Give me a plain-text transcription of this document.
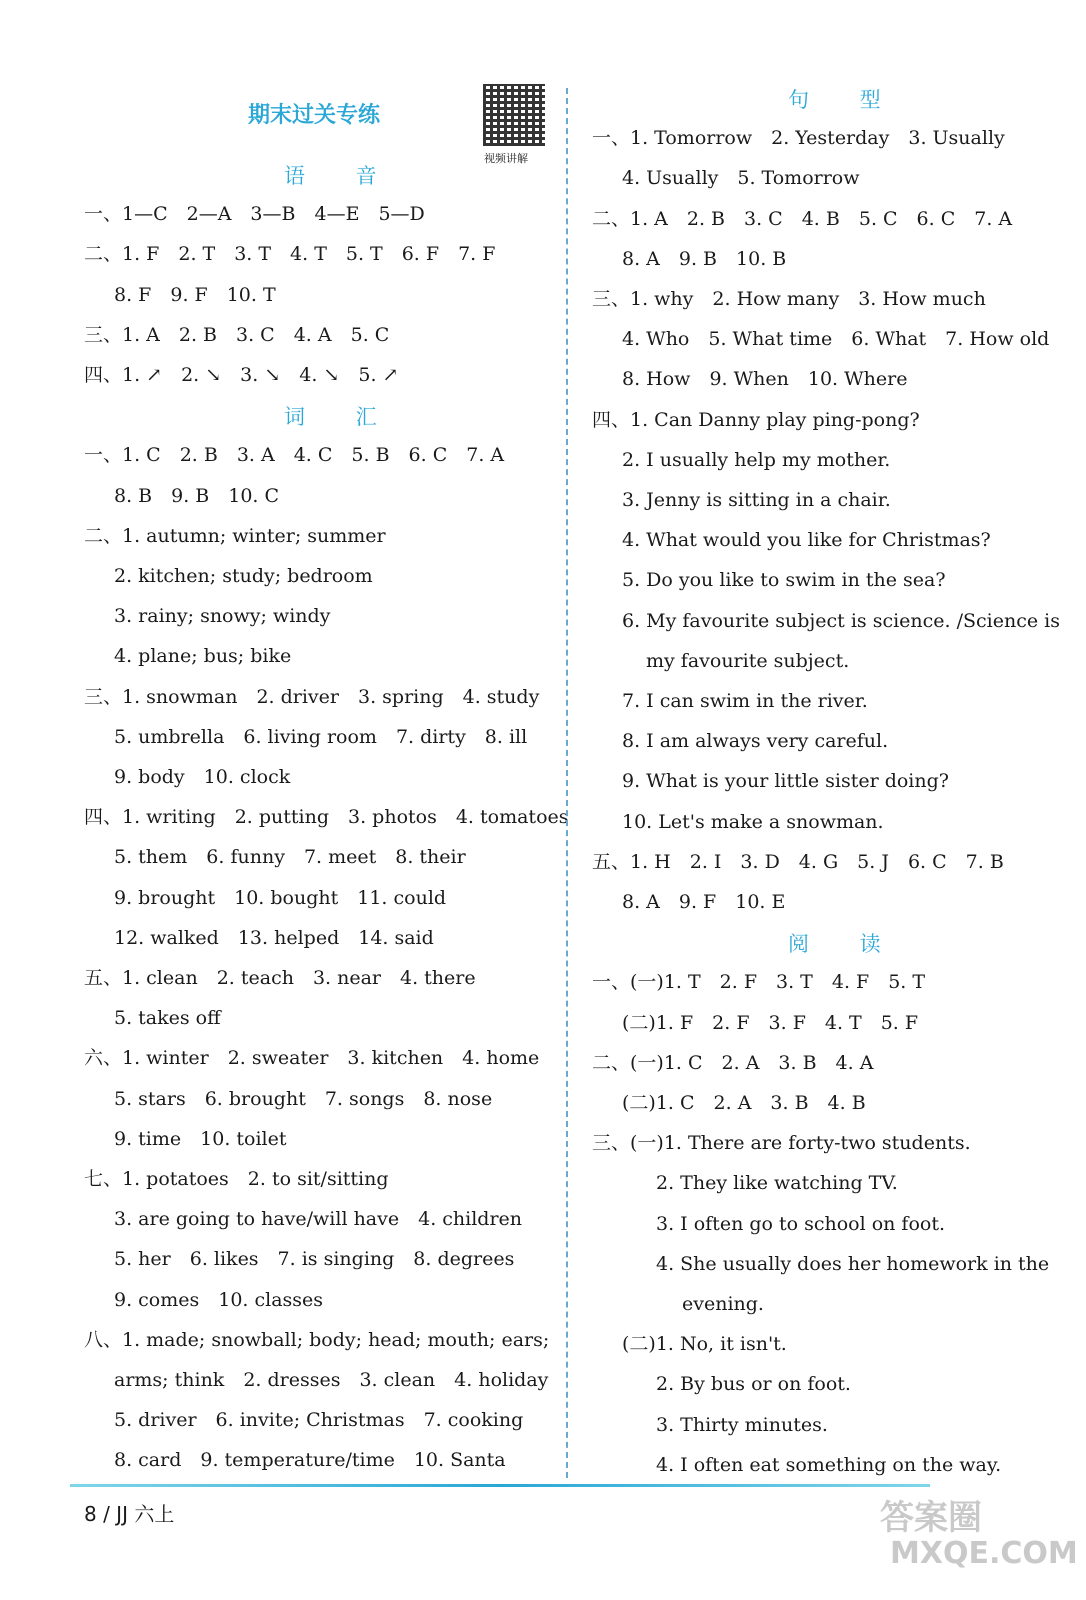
期末过关专练
视频讲解
语 音
一、1—C　2—A　3—B　4—E　5—D
二、1. F　2. T　3. T　4. T　5. T　6. F　7. F
8. F　9. F　10. T
三、1. A　2. B　3. C　4. A　5. C
四、1. ↗　2. ↘　3. ↘　4. ↘　5. ↗
词 汇
一、1. C　2. B　3. A　4. C　5. B　6. C　7. A
8. B　9. B　10. C
二、1. autumn; winter; summer
2. kitchen; study; bedroom
3. rainy; snowy; windy
4. plane; bus; bike
三、1. snowman　2. driver　3. spring　4. study
5. umbrella　6. living room　7. dirty　8. ill
9. body　10. clock
四、1. writing　2. putting　3. photos　4. tomatoes
5. them　6. funny　7. meet　8. their
9. brought　10. bought　11. could
12. walked　13. helped　14. said
五、1. clean　2. teach　3. near　4. there
5. takes off
六、1. winter　2. sweater　3. kitchen　4. home
5. stars　6. brought　7. songs　8. nose
9. time　10. toilet
七、1. potatoes　2. to sit/sitting
3. are going to have/will have　4. children
5. her　6. likes　7. is singing　8. degrees
9. comes　10. classes
八、1. made; snowball; body; head; mouth; ears;
arms; think　2. dresses　3. clean　4. holiday
5. driver　6. invite; Christmas　7. cooking
8. card　9. temperature/time　10. Santa
句 型
一、1. Tomorrow　2. Yesterday　3. Usually
4. Usually　5. Tomorrow
二、1. A　2. B　3. C　4. B　5. C　6. C　7. A
8. A　9. B　10. B
三、1. why　2. How many　3. How much
4. Who　5. What time　6. What　7. How old
8. How　9. When　10. Where
四、1. Can Danny play ping-pong?
2. I usually help my mother.
3. Jenny is sitting in a chair.
4. What would you like for Christmas?
5. Do you like to swim in the sea?
6. My favourite subject is science. /Science is
my favourite subject.
7. I can swim in the river.
8. I am always very careful.
9. What is your little sister doing?
10. Let's make a snowman.
五、1. H　2. I　3. D　4. G　5. J　6. C　7. B
8. A　9. F　10. E
阅 读
一、(一)1. T　2. F　3. T　4. F　5. T
(二)1. F　2. F　3. F　4. T　5. F
二、(一)1. C　2. A　3. B　4. A
(二)1. C　2. A　3. B　4. B
三、(一)1. There are forty-two students.
2. They like watching TV.
3. I often go to school on foot.
4. She usually does her homework in the
evening.
(二)1. No, it isn't.
2. By bus or on foot.
3. Thirty minutes.
4. I often eat something on the way.
8 / JJ 六上	答案圈
MXQE.COM
